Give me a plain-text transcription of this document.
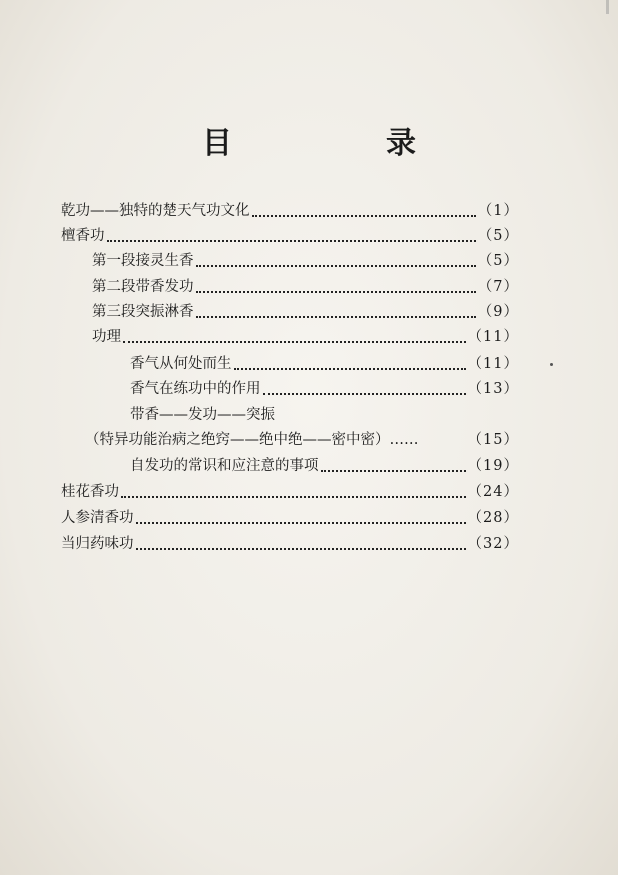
目　录
乾功——独特的楚天气功文化	（1）
檀香功	（5）
第一段接灵生香	（5）
第二段带香发功	（7）
第三段突振淋香	（9）
功理	（11）
香气从何处而生	（11）
香气在练功中的作用	（13）
带香——发功——突振
（特异功能治病之绝窍——绝中绝——密中密）……	（15）
自发功的常识和应注意的事项	（19）
桂花香功	（24）
人参清香功	（28）
当归药味功	（32）
